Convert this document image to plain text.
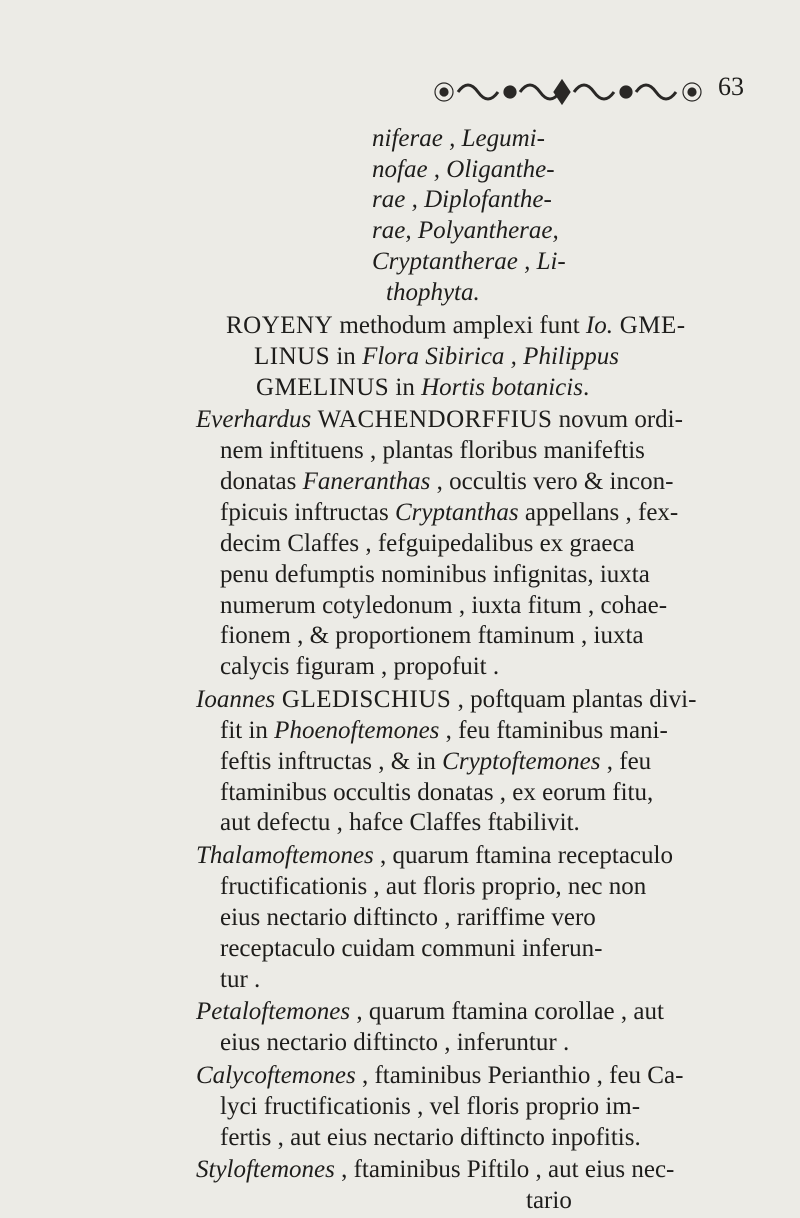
63
niferae , Legumi-
nofae , Oliganthe-
rae , Diplofanthe-
rae, Polyantherae,
Cryptantherae , Li-
thophyta.
ROYENY methodum amplexi funt Io. GME-
LINUS in Flora Sibirica , Philippus
GMELINUS in Hortis botanicis.
Everhardus WACHENDORFFIUS novum ordi-
nem inftituens , plantas floribus manifeftis
donatas Faneranthas , occultis vero & incon-
fpicuis inftructas Cryptanthas appellans , fex-
decim Claffes , fefguipedalibus ex graeca
penu defumptis nominibus infignitas, iuxta
numerum cotyledonum , iuxta fitum , cohae-
fionem , & proportionem ftaminum , iuxta
calycis figuram , propofuit .
Ioannes GLEDISCHIUS , poftquam plantas divi-
fit in Phoenoftemones , feu ftaminibus mani-
feftis inftructas , & in Cryptoftemones , feu
ftaminibus occultis donatas , ex eorum fitu,
aut defectu , hafce Claffes ftabilivit.
Thalamoftemones , quarum ftamina receptaculo
fructificationis , aut floris proprio, nec non
eius nectario diftincto , rariffime vero
receptaculo cuidam communi inferun-
tur .
Petaloftemones , quarum ftamina corollae , aut
eius nectario diftincto , inferuntur .
Calycoftemones , ftaminibus Perianthio , feu Ca-
lyci fructificationis , vel floris proprio im-
fertis , aut eius nectario diftincto inpofitis.
Styloftemones , ftaminibus Piftilo , aut eius nec-
tario
